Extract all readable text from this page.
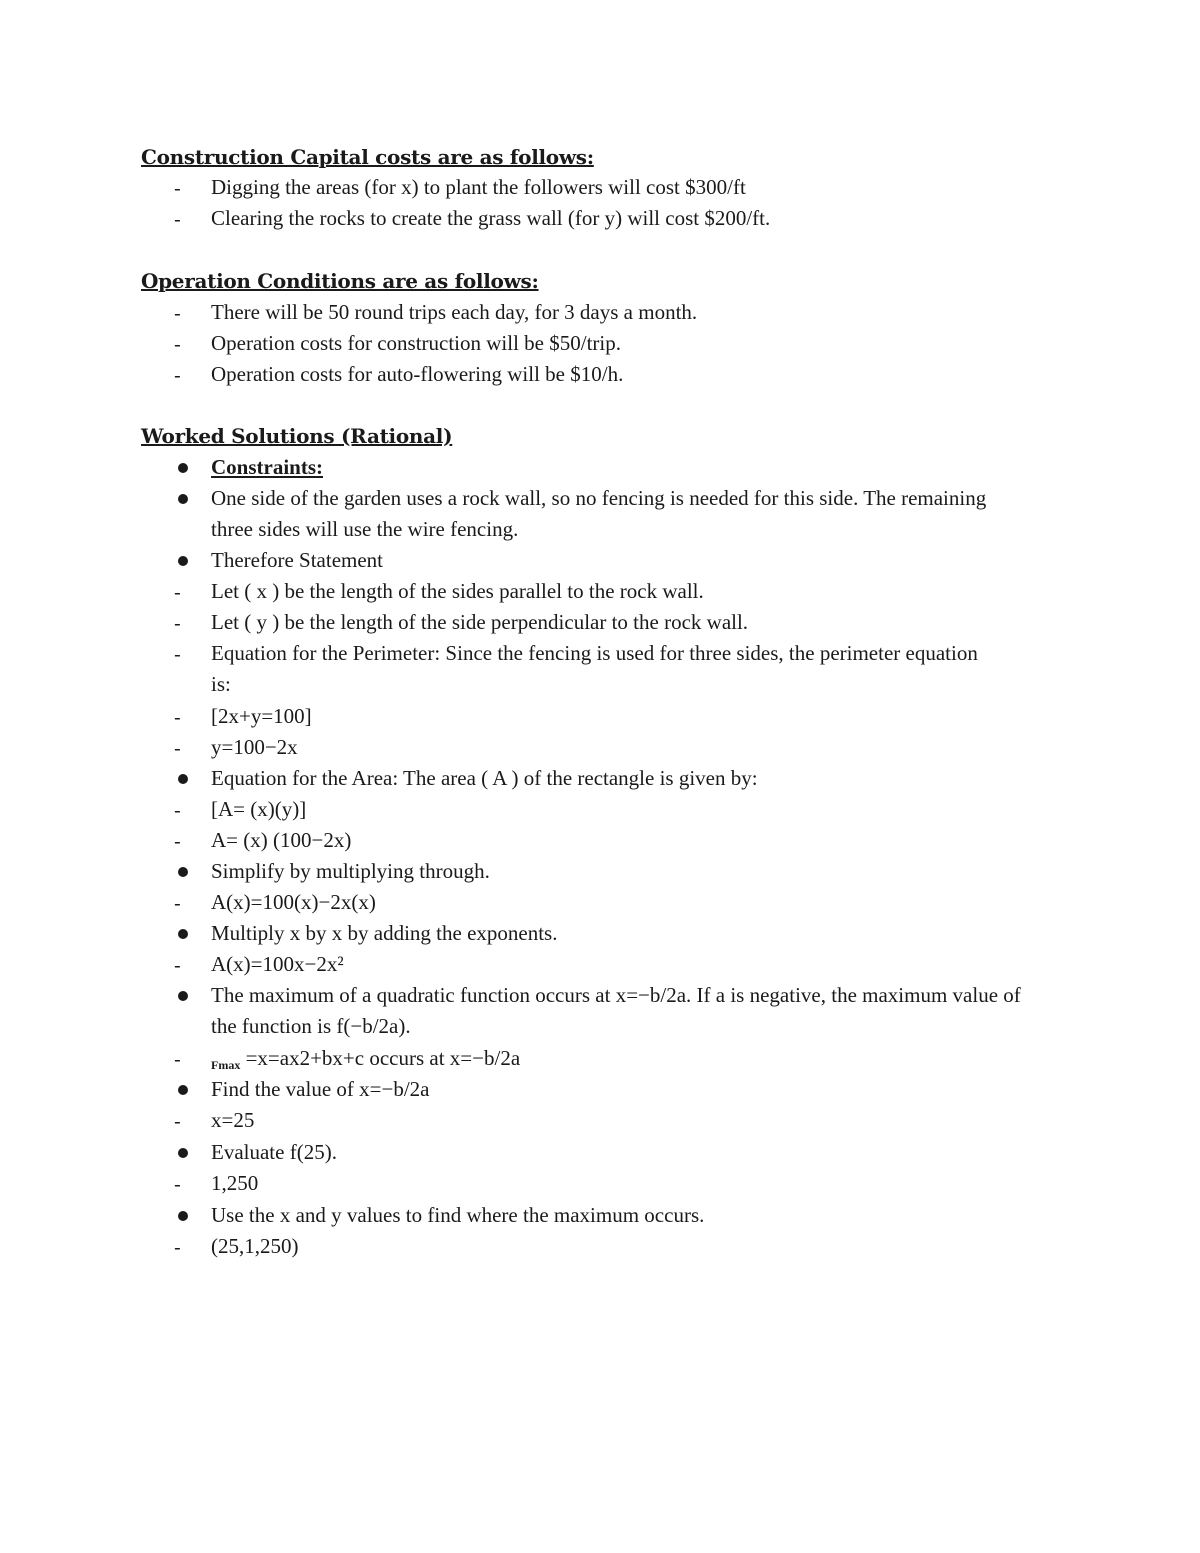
Construction Capital costs are as follows:
-	Digging the areas (for x) to plant the followers will cost $300/ft
-	Clearing the rocks to create the grass wall (for y) will cost $200/ft.
Operation Conditions are as follows:
-	There will be 50 round trips each day, for 3 days a month.
-	Operation costs for construction will be $50/trip.
-	Operation costs for auto-flowering will be $10/h.
Worked Solutions (Rational)
Constraints:
One side of the garden uses a rock wall, so no fencing is needed for this side. The remaining three sides will use the wire fencing.
Therefore Statement
-	Let ( x ) be the length of the sides parallel to the rock wall.
-	Let ( y ) be the length of the side perpendicular to the rock wall.
-	Equation for the Perimeter: Since the fencing is used for three sides, the perimeter equation is:
-	[2x+y=100]
-	y=100−2x
Equation for the Area: The area ( A ) of the rectangle is given by:
-	[A= (x)(y)]
-	A= (x) (100−2x)
Simplify by multiplying through.
-	A(x)=100(x)−2x(x)
Multiply x by x by adding the exponents.
-	A(x)=100x−2x²
The maximum of a quadratic function occurs at x=−b/2a. If a is negative, the maximum value of the function is f(−b/2a).
-	$_{Fmax}$ =x=ax2+bx+c occurs at x=−b/2a
Find the value of x=−b/2a
-	x=25
Evaluate f(25).
-	1,250
Use the x and y values to find where the maximum occurs.
-	(25,1,250)
